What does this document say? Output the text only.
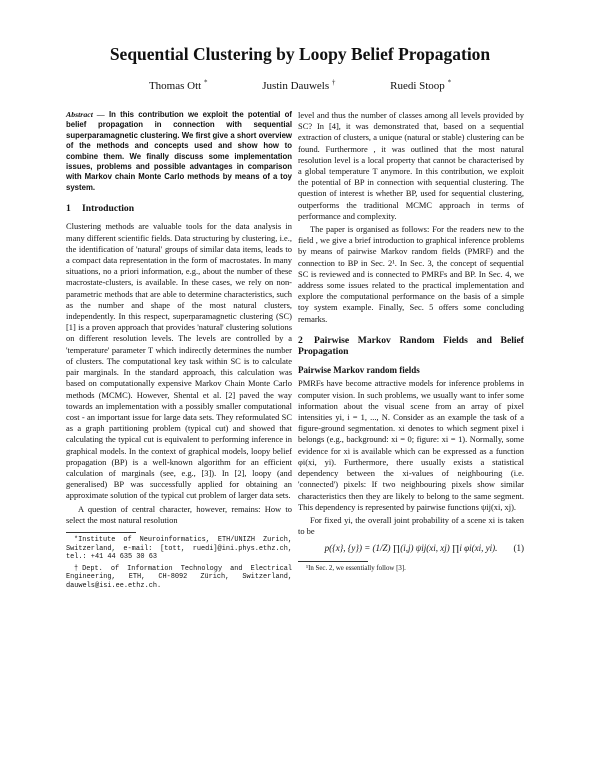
Sequential Clustering by Loopy Belief Propagation
Thomas Ott *	Justin Dauwels †	Ruedi Stoop *

Abstract — In this contribution we exploit the potential of belief propagation in connection with sequential superparamagnetic clustering. We first give a short overview of the methods and concepts used and show how to combine them. We finally discuss some implementation issues, problems and possible advantages in comparison with Markov chain Monte Carlo methods by means of a toy system.

1 Introduction

Clustering methods are valuable tools for the data analysis in many different scientific fields. Data structuring by clustering, i.e., the identification of 'natural' groups of similar data items, leads to a compact data representation in the form of macrostates. In many situations, no a priori information, e.g., about the number of these macrostate-clusters, is available. In these cases, we rely on non-parametric methods that are able to determine characteristics, such as the number and shape of the most natural clusters, independently. In this respect, superparamagnetic clustering (SC) [1] is a proven approach that provides 'natural' clustering solutions on different resolution levels. The levels are controlled by a 'temperature' parameter T which indirectly determines the number of clusters. The computational key task within SC is to calculate pair marginals. In the standard approach, this calculation was based on computationally expensive Markov Chain Monte Carlo methods (MCMC). However, Shental et al. [2] paved the way towards an implementation with a possibly smaller computational cost - an important issue for large data sets. They reformulated SC as a graph partitioning problem (typical cut) and showed that calculating the typical cut is equivalent to performing inference in graphical models. In the context of graphical models, loopy belief propagation (BP) is a well-known algorithm for an efficient calculation of marginals (see, e.g., [3]). In [2], loopy (and generalised) BP was successfully applied for obtaining an approximate solution of the typical cut problem of larger data sets.

A question of central character, however, remains: How to select the most natural resolution

*Institute of Neuroinformatics, ETH/UNIZH Zurich, Switzerland, e-mail: [tott, ruedi]@ini.phys.ethz.ch, tel.: +41 44 635 30 63

†Dept. of Information Technology and Electrical Engineering, ETH, CH-8092 Zürich, Switzerland, dauwels@isi.ee.ethz.ch.

level and thus the number of classes among all levels provided by SC? In [4], it was demonstrated that, based on a sequential extraction of clusters, a unique (natural or stable) clustering can be found. Furthermore , it was outlined that the most natural resolution level is a local property that cannot be characterised by a global temperature T anymore. In this contribution, we exploit the potential of BP in connection with sequential clustering. The question of interest is whether BP, used for sequential clustering, outperforms the traditional MCMC approach in terms of performance and complexity.

The paper is organised as follows: For the readers new to the field , we give a brief introduction to graphical inference problems by means of pairwise Markov random fields (PMRF) and the connection to BP in Sec. 2¹. In Sec. 3, the concept of sequential SC is reviewed and is connected to PMRFs and BP. In Sec. 4, we address some issues related to the practical implementation and explore the computational performance on the basis of a simple toy system example. Finally, Sec. 5 offers some concluding remarks.

2 Pairwise Markov Random Fields and Belief Propagation
Pairwise Markov random fields

PMRFs have become attractive models for inference problems in computer vision. In such problems, we usually want to infer some information about the visual scene from an array of pixel intensities yi, i = 1, ..., N. Consider as an example the task of a figure-ground segmentation. xi denotes to which segment pixel i belongs (e.g., background: xi = 0; figure: xi = 1). Normally, some evidence for xi is available which can be expressed as a function φi(xi, yi). Furthermore, there usually exists a statistical dependency between the xi-values of neighbouring (i.e. 'connected') pixels: If two neighbouring pixels show similar characteristics then they are likely to belong to the same segment. This dependency is represented by pairwise functions ψij(xi, xj).

For fixed yi, the overall joint probability of a scene xi is taken to be

p({x}, {y}) = (1/Z) ∏(i,j) ψij(xi, xj) ∏i φi(xi, yi). (1)

¹In Sec. 2, we essentially follow [3].
